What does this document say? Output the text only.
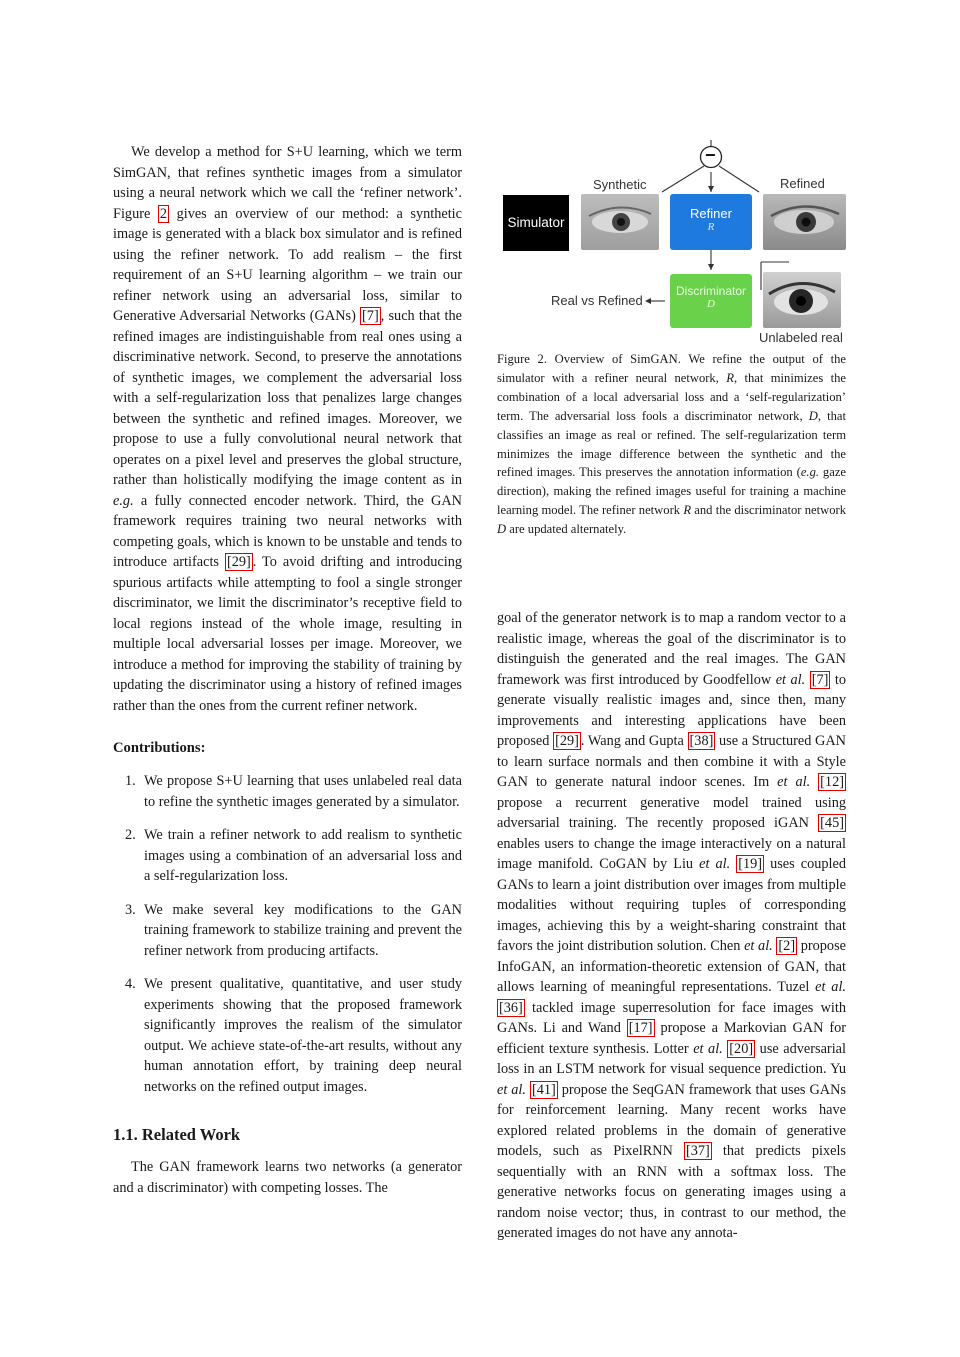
We develop a method for S+U learning, which we term SimGAN, that refines synthetic images from a simulator using a neural network which we call the ‘refiner network’. Figure 2 gives an overview of our method: a synthetic image is generated with a black box simulator and is refined using the refiner network. To add realism – the first requirement of an S+U learning algorithm – we train our refiner network using an adversarial loss, similar to Generative Adversarial Networks (GANs) [7] , such that the refined images are indistinguishable from real ones using a discriminative network. Second, to preserve the annotations of synthetic images, we complement the adversarial loss with a self-regularization loss that penalizes large changes between the synthetic and refined images. Moreover, we propose to use a fully convolutional neural network that operates on a pixel level and preserves the global structure, rather than holistically modifying the image content as in e.g. a fully connected encoder network. Third, the GAN framework requires training two neural networks with competing goals, which is known to be unstable and tends to introduce artifacts [29] . To avoid drifting and introducing spurious artifacts while attempting to fool a single stronger discriminator, we limit the discriminator’s receptive field to local regions instead of the whole image, resulting in multiple local adversarial losses per image. Moreover, we introduce a method for improving the stability of training by updating the discriminator using a history of refined images rather than the ones from the current refiner network.

Contributions:
1. We propose S+U learning that uses unlabeled real data to refine the synthetic images generated by a simulator.

2. We train a refiner network to add realism to synthetic images using a combination of an adversarial loss and a self-regularization loss.

3. We make several key modifications to the GAN training framework to stabilize training and prevent the refiner network from producing artifacts.

4. We present qualitative, quantitative, and user study experiments showing that the proposed framework significantly improves the realism of the simulator output. We achieve state-of-the-art results, without any human annotation effort, by training deep neural networks on the refined output images.

1.1. Related Work

The GAN framework learns two networks (a generator and a discriminator) with competing losses. The

−
Synthetic	Refined
Simulator
Refiner
R
Discriminator
D
Real vs Refined
Unlabeled real

Figure 2. Overview of SimGAN. We refine the output of the simulator with a refiner neural network, R, that minimizes the combination of a local adversarial loss and a ‘self-regularization’ term. The adversarial loss fools a discriminator network, D, that classifies an image as real or refined. The self-regularization term minimizes the image difference between the synthetic and the refined images. This preserves the annotation information (e.g. gaze direction), making the refined images useful for training a machine learning model. The refiner network R and the discriminator network D are updated alternately.

goal of the generator network is to map a random vector to a realistic image, whereas the goal of the discriminator is to distinguish the generated and the real images. The GAN framework was first introduced by Goodfellow et al. [7] to generate visually realistic images and, since then, many improvements and interesting applications have been proposed [29] . Wang and Gupta [38] use a Structured GAN to learn surface normals and then combine it with a Style GAN to generate natural indoor scenes. Im et al. [12] propose a recurrent generative model trained using adversarial training. The recently proposed iGAN [45] enables users to change the image interactively on a natural image manifold. CoGAN by Liu et al. [19] uses coupled GANs to learn a joint distribution over images from multiple modalities without requiring tuples of corresponding images, achieving this by a weight-sharing constraint that favors the joint distribution solution. Chen et al. [2] propose InfoGAN, an information-theoretic extension of GAN, that allows learning of meaningful representations. Tuzel et al. [36] tackled image superresolution for face images with GANs. Li and Wand [17] propose a Markovian GAN for efficient texture synthesis. Lotter et al. [20] use adversarial loss in an LSTM network for visual sequence prediction. Yu et al. [41] propose the SeqGAN framework that uses GANs for reinforcement learning. Many recent works have explored related problems in the domain of generative models, such as PixelRNN [37] that predicts pixels sequentially with an RNN with a softmax loss. The generative networks focus on generating images using a random noise vector; thus, in contrast to our method, the generated images do not have any annota-
